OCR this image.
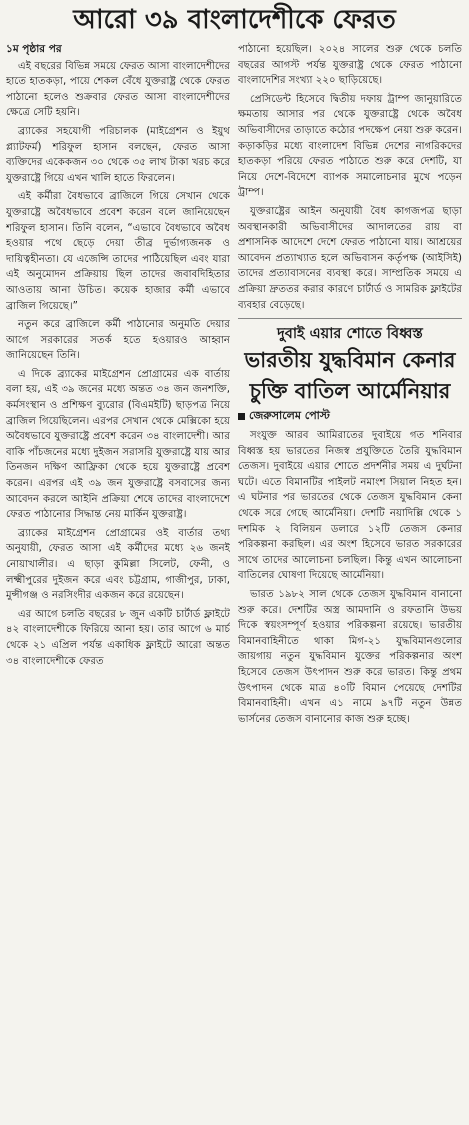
আরো ৩৯ বাংলাদেশীকে ফেরত
১ম পৃষ্ঠার পর

এই বছরের বিভিন্ন সময়ে ফেরত আসা বাংলাদেশীদের হাতে হাতকড়া, পায়ে শেকল বেঁধে যুক্তরাষ্ট্র থেকে ফেরত পাঠানো হলেও শুক্রবার ফেরত আসা বাংলাদেশীদের ক্ষেত্রে সেটি হয়নি।

ব্র্যাকের সহযোগী পরিচালক (মাইগ্রেশন ও ইয়ুথ প্ল্যাটফর্ম) শরিফুল হাসান বলছেন, ফেরত আসা ব্যক্তিদের একেকজন ৩০ থেকে ৩৫ লাখ টাকা খরচ করে যুক্তরাষ্ট্রে গিয়ে এখন খালি হাতে ফিরলেন।

এই কর্মীরা বৈধভাবে ব্রাজিলে গিয়ে সেখান থেকে যুক্তরাষ্ট্রে অবৈধভাবে প্রবেশ করেন বলে জানিয়েছেন শরিফুল হাসান। তিনি বলেন, “এভাবে বৈধভাবে অবৈধ হওয়ার পথে ছেড়ে দেয়া তীব্র দুর্ভাগ্যজনক ও দায়িত্বহীনতা। যে এজেন্সি তাদের পাঠিয়েছিল এবং যারা এই অনুমোদন প্রক্রিয়ায় ছিল তাদের জবাবদিহিতার আওতায় আনা উচিত। কয়েক হাজার কর্মী এভাবে ব্রাজিল গিয়েছে।”

নতুন করে ব্রাজিলে কর্মী পাঠানোর অনুমতি দেয়ার আগে সরকারের সতর্ক হতে হওয়ারও আহ্বান জানিয়েছেন তিনি।

এ দিকে ব্র্যাকের মাইগ্রেশন প্রোগ্রামের এক বার্তায় বলা হয়, এই ৩৯ জনের মধ্যে অন্তত ৩৪ জন জনশক্তি, কর্মসংস্থান ও প্রশিক্ষণ ব্যুরোর (বিএমইটি) ছাড়পত্র নিয়ে ব্রাজিল গিয়েছিলেন। এরপর সেখান থেকে মেক্সিকো হয়ে অবৈধভাবে যুক্তরাষ্ট্রে প্রবেশ করেন ৩৪ বাংলাদেশী। আর বাকি পাঁচজনের মধ্যে দুইজন সরাসরি যুক্তরাষ্ট্রে যায় আর তিনজন দক্ষিণ আফ্রিকা থেকে হয়ে যুক্তরাষ্ট্রে প্রবেশ করেন। এরপর এই ৩৯ জন যুক্তরাষ্ট্রে বসবাসের জন্য আবেদন করলে আইনি প্রক্রিয়া শেষে তাদের বাংলাদেশে ফেরত পাঠানোর সিদ্ধান্ত নেয় মার্কিন যুক্তরাষ্ট্র।

ব্র্যাকের মাইগ্রেশন প্রোগ্রামের ওই বার্তার তথ্য অনুযায়ী, ফেরত আসা এই কর্মীদের মধ্যে ২৬ জনই নোয়াখালীর। এ ছাড়া কুমিল্লা সিলেট, ফেনী, ও লক্ষ্মীপুরের দুইজন করে এবং চট্টগ্রাম, গাজীপুর, ঢাকা, মুন্সীগঞ্জ ও নরসিংদীর একজন করে রয়েছেন।

এর আগে চলতি বছরের ৮ জুন একটি চার্টার্ড ফ্লাইটে ৪২ বাংলাদেশীকে ফিরিয়ে আনা হয়। তার আগে ৬ মার্চ থেকে ২১ এপ্রিল পর্যন্ত একাধিক ফ্লাইটে আরো অন্তত ৩৪ বাংলাদেশীকে ফেরত

পাঠানো হয়েছিল। ২০২৪ সালের শুরু থেকে চলতি বছরের আগস্ট পর্যন্ত যুক্তরাষ্ট্র থেকে ফেরত পাঠানো বাংলাদেশির সংখ্যা ২২০ ছাড়িয়েছে।

প্রেসিডেন্ট হিসেবে দ্বিতীয় দফায় ট্রাম্প জানুয়ারিতে ক্ষমতায় আসার পর থেকে যুক্তরাষ্ট্রে থেকে অবৈধ অভিবাসীদের তাড়াতে কঠোর পদক্ষেপ নেয়া শুরু করেন। কড়াকড়ির মধ্যে বাংলাদেশ বিভিন্ন দেশের নাগরিকদের হাতকড়া পরিয়ে ফেরত পাঠাতে শুরু করে দেশটি, যা নিয়ে দেশে-বিদেশে ব্যাপক সমালোচনার মুখে পড়েন ট্রাম্প।

যুক্তরাষ্ট্রের আইন অনুযায়ী বৈধ কাগজপত্র ছাড়া অবস্থানকারী অভিবাসীদের আদালতের রায় বা প্রশাসনিক আদেশে দেশে ফেরত পাঠানো যায়। আশ্রয়ের আবেদন প্রত্যাখ্যাত হলে অভিবাসন কর্তৃপক্ষ (আইসিই) তাদের প্রত্যাবাসনের ব্যবস্থা করে। সাম্প্রতিক সময়ে এ প্রক্রিয়া দ্রুততর করার কারণে চার্টার্ড ও সামরিক ফ্লাইটের ব্যবহার বেড়েছে।

দুবাই এয়ার শোতে বিধ্বস্ত
ভারতীয় যুদ্ধবিমান কেনার
চুক্তি বাতিল আর্মেনিয়ার
জেরুসালেম পোস্ট

সংযুক্ত আরব আমিরাতের দুবাইয়ে গত শনিবার বিধ্বস্ত হয় ভারতের নিজস্ব প্রযুক্তিতে তৈরি যুদ্ধবিমান তেজস। দুবাইয়ে এয়ার শোতে প্রদর্শনীর সময় এ দুর্ঘটনা ঘটে। এতে বিমানটির পাইলট নমাংশ সিয়াল নিহত হন। এ ঘটনার পর ভারতের থেকে তেজস যুদ্ধবিমান কেনা থেকে সরে গেছে আর্মেনিয়া। দেশটি নয়াদিল্লি থেকে ১ দশমিক ২ বিলিয়ন ডলারে ১২টি তেজস কেনার পরিকল্পনা করছিল। এর অংশ হিসেবে ভারত সরকারের সাথে তাদের আলোচনা চলছিল। কিন্তু এখন আলোচনা বাতিলের ঘোষণা দিয়েছে আর্মেনিয়া।

ভারত ১৯৮২ সাল থেকে তেজস যুদ্ধবিমান বানানো শুরু করে। দেশটির অস্ত্র আমদানি ও রফতানি উভয় দিকে স্বয়ংসম্পূর্ণ হওয়ার পরিকল্পনা রয়েছে। ভারতীয় বিমানবাহিনীতে থাকা মিগ-২১ যুদ্ধবিমানগুলোর জায়গায় নতুন যুদ্ধবিমান যুক্তের পরিকল্পনার অংশ হিসেবে তেজস উৎপাদন শুরু করে ভারত। কিন্তু প্রথম উৎপাদন থেকে মাত্র ৪০টি বিমান পেয়েছে দেশটির বিমানবাহিনী। এখন এ১ নামে ৯৭টি নতুন উন্নত ভার্সনের তেজস বানানোর কাজ শুরু হচ্ছে।
